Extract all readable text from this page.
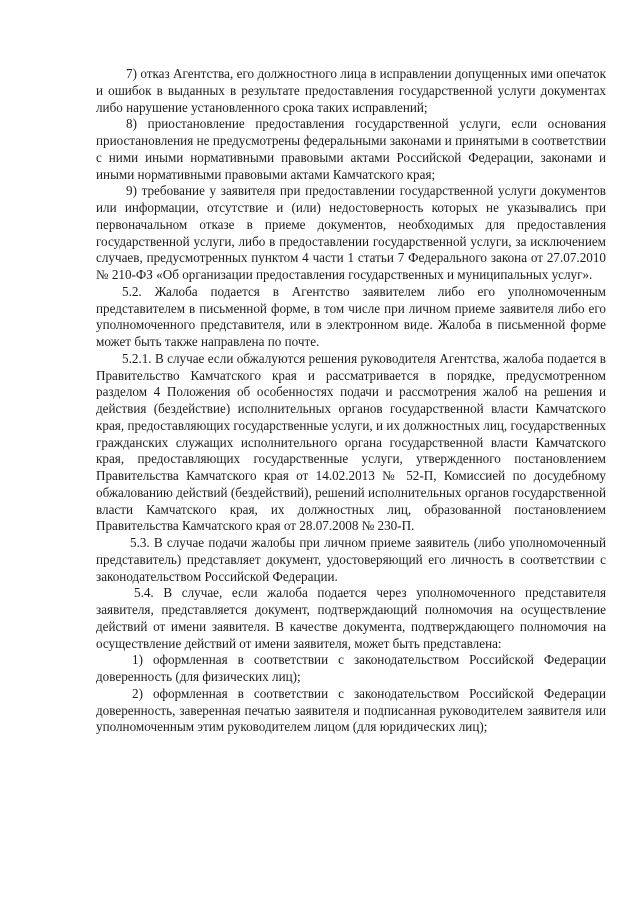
7) отказ Агентства, его должностного лица в исправлении допущенных ими опечаток и ошибок в выданных в результате предоставления государственной услуги документах либо нарушение установленного срока таких исправлений;

8) приостановление предоставления государственной услуги, если основания приостановления не предусмотрены федеральными законами и принятыми в соответствии с ними иными нормативными правовыми актами Российской Федерации, законами и иными нормативными правовыми актами Камчатского края;

9) требование у заявителя при предоставлении государственной услуги документов или информации, отсутствие и (или) недостоверность которых не указывались при первоначальном отказе в приеме документов, необходимых для предоставления государственной услуги, либо в предоставлении государственной услуги, за исключением случаев, предусмотренных пунктом 4 части 1 статьи 7 Федерального закона от 27.07.2010 № 210-ФЗ «Об организации предоставления государственных и муниципальных услуг».

5.2. Жалоба подается в Агентство заявителем либо его уполномоченным представителем в письменной форме, в том числе при личном приеме заявителя либо его уполномоченного представителя, или в электронном виде. Жалоба в письменной форме может быть также направлена по почте.

5.2.1. В случае если обжалуются решения руководителя Агентства, жалоба подается в Правительство Камчатского края и рассматривается в порядке, предусмотренном разделом 4 Положения об особенностях подачи и рассмотрения жалоб на решения и действия (бездействие) исполнительных органов государственной власти Камчатского края, предоставляющих государственные услуги, и их должностных лиц, государственных гражданских служащих исполнительного органа государственной власти Камчатского края, предоставляющих государственные услуги, утвержденного постановлением Правительства Камчатского края от 14.02.2013 № 52-П, Комиссией по досудебному обжалованию действий (бездействий), решений исполнительных органов государственной власти Камчатского края, их должностных лиц, образованной постановлением Правительства Камчатского края от 28.07.2008 № 230-П.

5.3. В случае подачи жалобы при личном приеме заявитель (либо уполномоченный представитель) представляет документ, удостоверяющий его личность в соответствии с законодательством Российской Федерации.

5.4. В случае, если жалоба подается через уполномоченного представителя заявителя, представляется документ, подтверждающий полномочия на осуществление действий от имени заявителя. В качестве документа, подтверждающего полномочия на осуществление действий от имени заявителя, может быть представлена:

1) оформленная в соответствии с законодательством Российской Федерации доверенность (для физических лиц);

2) оформленная в соответствии с законодательством Российской Федерации доверенность, заверенная печатью заявителя и подписанная руководителем заявителя или уполномоченным этим руководителем лицом (для юридических лиц);
